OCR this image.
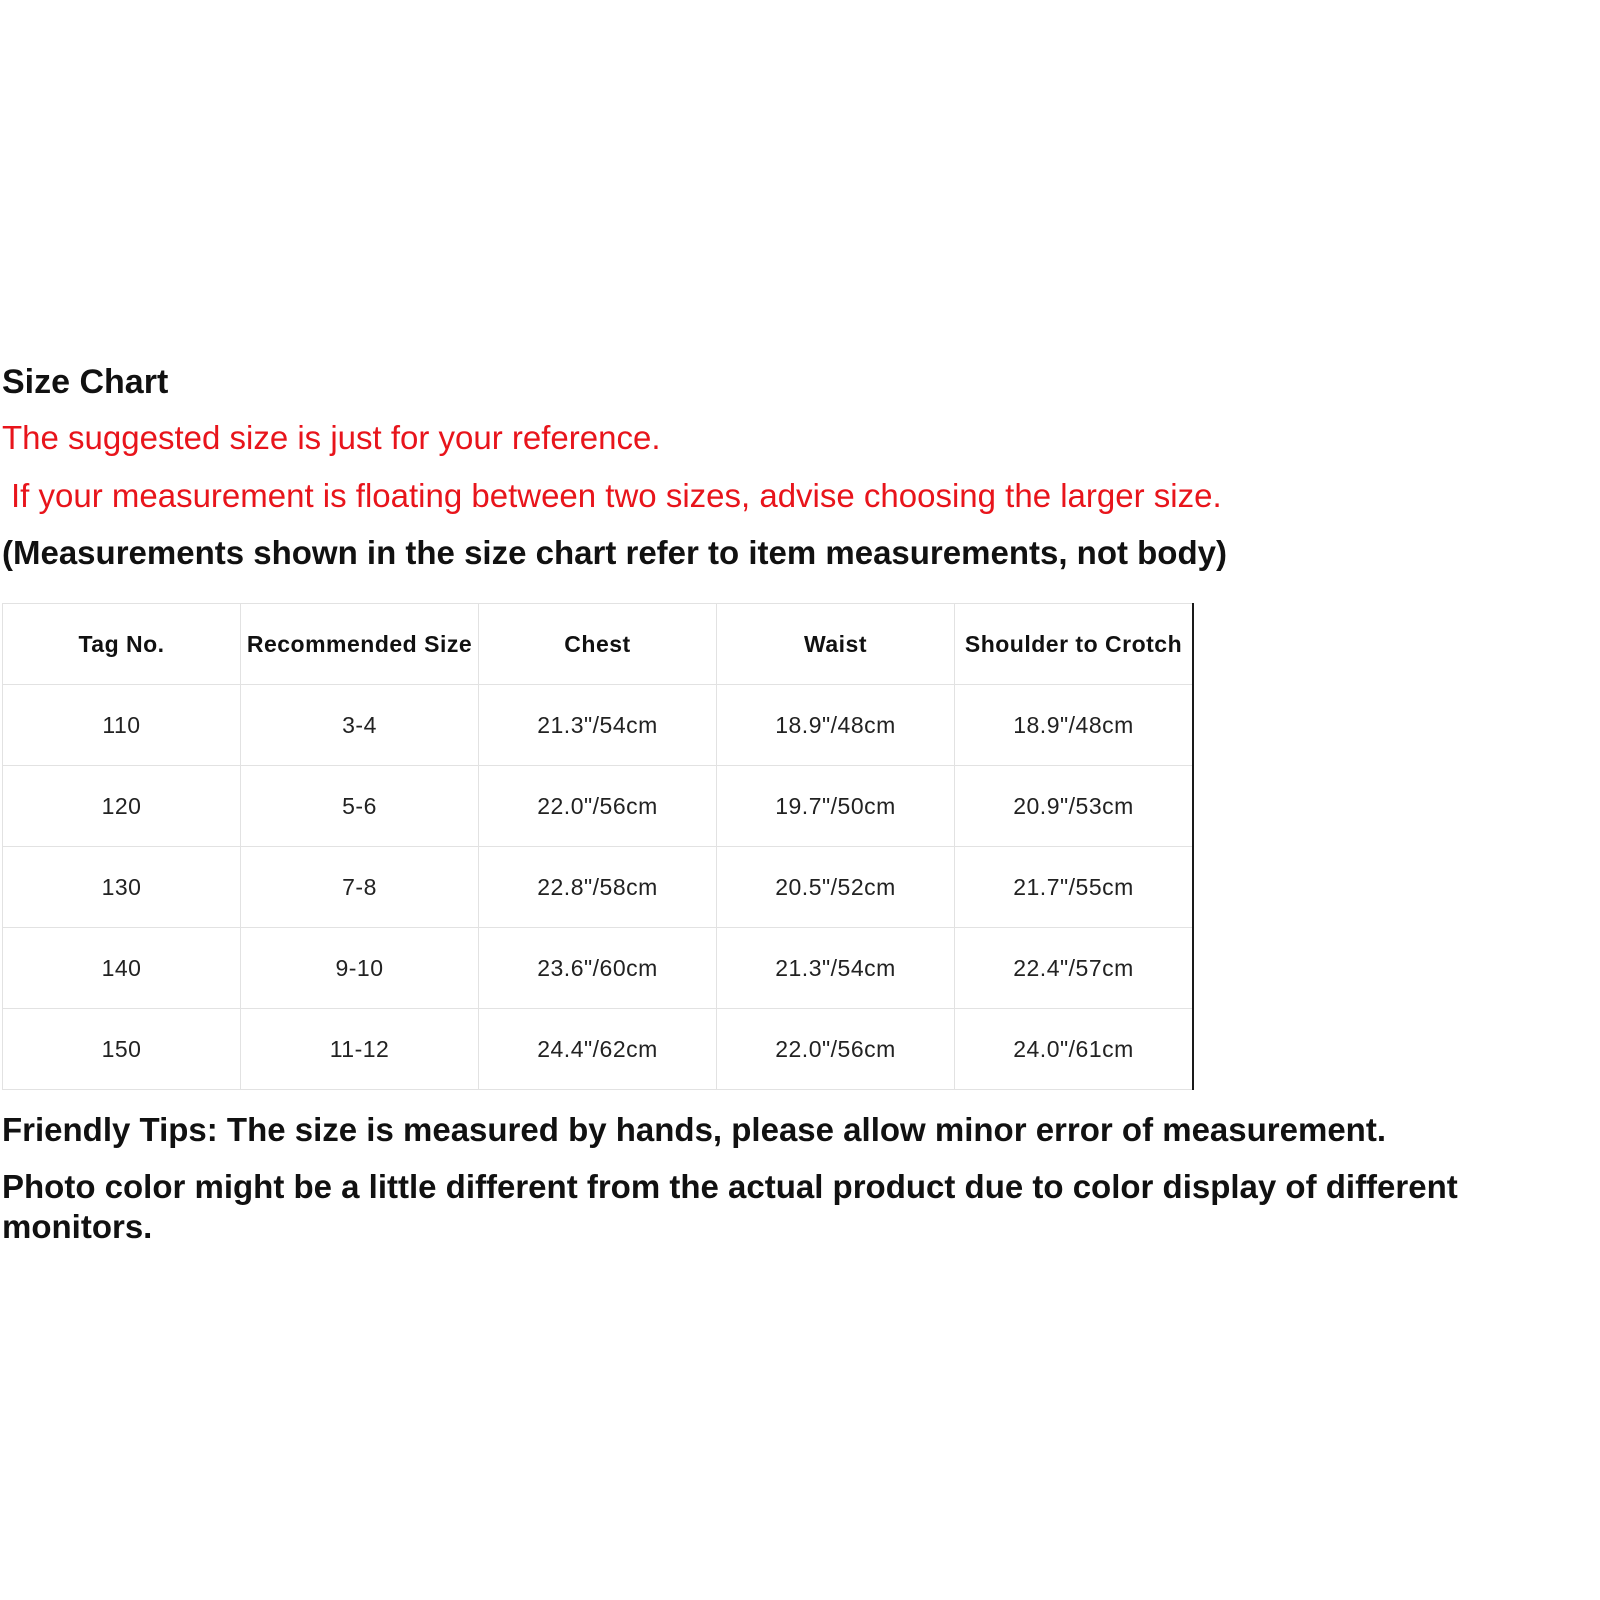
Size Chart
The suggested size is just for your reference.
If your measurement is floating between two sizes, advise choosing the larger size.
(Measurements shown in the size chart refer to item measurements, not body)
Tag No.	Recommended Size	Chest	Waist	Shoulder to Crotch
110	3-4	21.3"/54cm	18.9"/48cm	18.9"/48cm
120	5-6	22.0"/56cm	19.7"/50cm	20.9"/53cm
130	7-8	22.8"/58cm	20.5"/52cm	21.7"/55cm
140	9-10	23.6"/60cm	21.3"/54cm	22.4"/57cm
150	11-12	24.4"/62cm	22.0"/56cm	24.0"/61cm

Friendly Tips: The size is measured by hands, please allow minor error of measurement.

Photo color might be a little different from the actual product due to color display of different monitors.
